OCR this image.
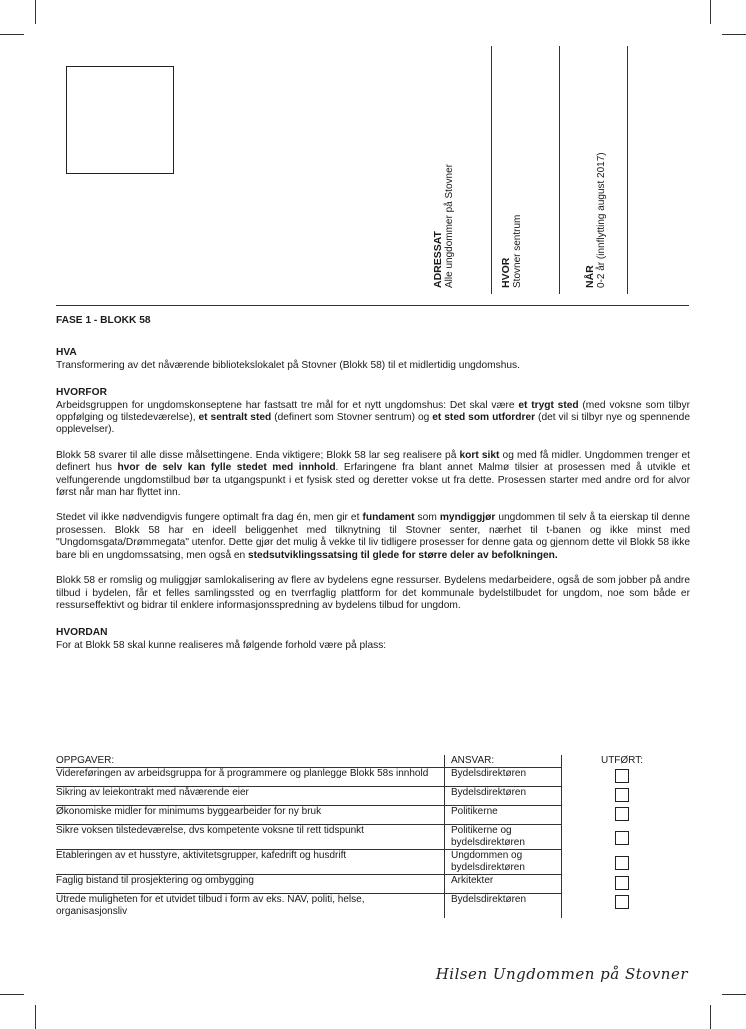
ADRESSAT Alle ungdommer på Stovner	HVOR Stovner sentrum	NÅR 0-2 år (innflytting august 2017)

FASE 1 - BLOKK 58

HVA

Transformering av det nåværende bibliotekslokalet på Stovner (Blokk 58) til et midlertidig ungdomshus.

HVORFOR

Arbeidsgruppen for ungdomskonseptene har fastsatt tre mål for et nytt ungdomshus: Det skal være et trygt sted (med voksne som tilbyr oppfølging og tilstedeværelse), et sentralt sted (definert som Stovner sentrum) og et sted som utfordrer (det vil si tilbyr nye og spennende opplevelser).

Blokk 58 svarer til alle disse målsettingene. Enda viktigere; Blokk 58 lar seg realisere på kort sikt og med få midler. Ungdommen trenger et definert hus hvor de selv kan fylle stedet med innhold. Erfaringene fra blant annet Malmø tilsier at prosessen med å utvikle et velfungerende ungdomstilbud bør ta utgangspunkt i et fysisk sted og deretter vokse ut fra dette. Prosessen starter med andre ord for alvor først når man har flyttet inn.

Stedet vil ikke nødvendigvis fungere optimalt fra dag én, men gir et fundament som myndiggjør ungdommen til selv å ta eierskap til denne prosessen. Blokk 58 har en ideell beliggenhet med tilknytning til Stovner senter, nærhet til t-banen og ikke minst med "Ungdomsgata/Drømmegata" utenfor. Dette gjør det mulig å vekke til liv tidligere prosesser for denne gata og gjennom dette vil Blokk 58 ikke bare bli en ungdomssatsing, men også en stedsutviklingssatsing til glede for større deler av befolkningen.

Blokk 58 er romslig og muliggjør samlokalisering av flere av bydelens egne ressurser. Bydelens medarbeidere, også de som jobber på andre tilbud i bydelen, får et felles samlingssted og en tverrfaglig plattform for det kommunale bydelstilbudet for ungdom, noe som både er ressurseffektivt og bidrar til enklere informasjonsspredning av bydelens tilbud for ungdom.

HVORDAN

For at Blokk 58 skal kunne realiseres må følgende forhold være på plass:

OPPGAVER:	ANSVAR:	UTFØRT:
Videreføringen av arbeidsgruppa for å programmere og planlegge Blokk 58s innhold	Bydelsdirektøren	
Sikring av leiekontrakt med nåværende eier	Bydelsdirektøren	
Økonomiske midler for minimums byggearbeider for ny bruk	Politikerne	
Sikre voksen tilstedeværelse, dvs kompetente voksne til rett tidspunkt	Politikerne og bydelsdirektøren	
Etableringen av et husstyre, aktivitetsgrupper, kafedrift og husdrift	Ungdommen og bydelsdirektøren	
Faglig bistand til prosjektering og ombygging	Arkitekter	
Utrede muligheten for et utvidet tilbud i form av eks. NAV, politi, helse, organisasjonsliv	Bydelsdirektøren	
Hilsen Ungdommen på Stovner
